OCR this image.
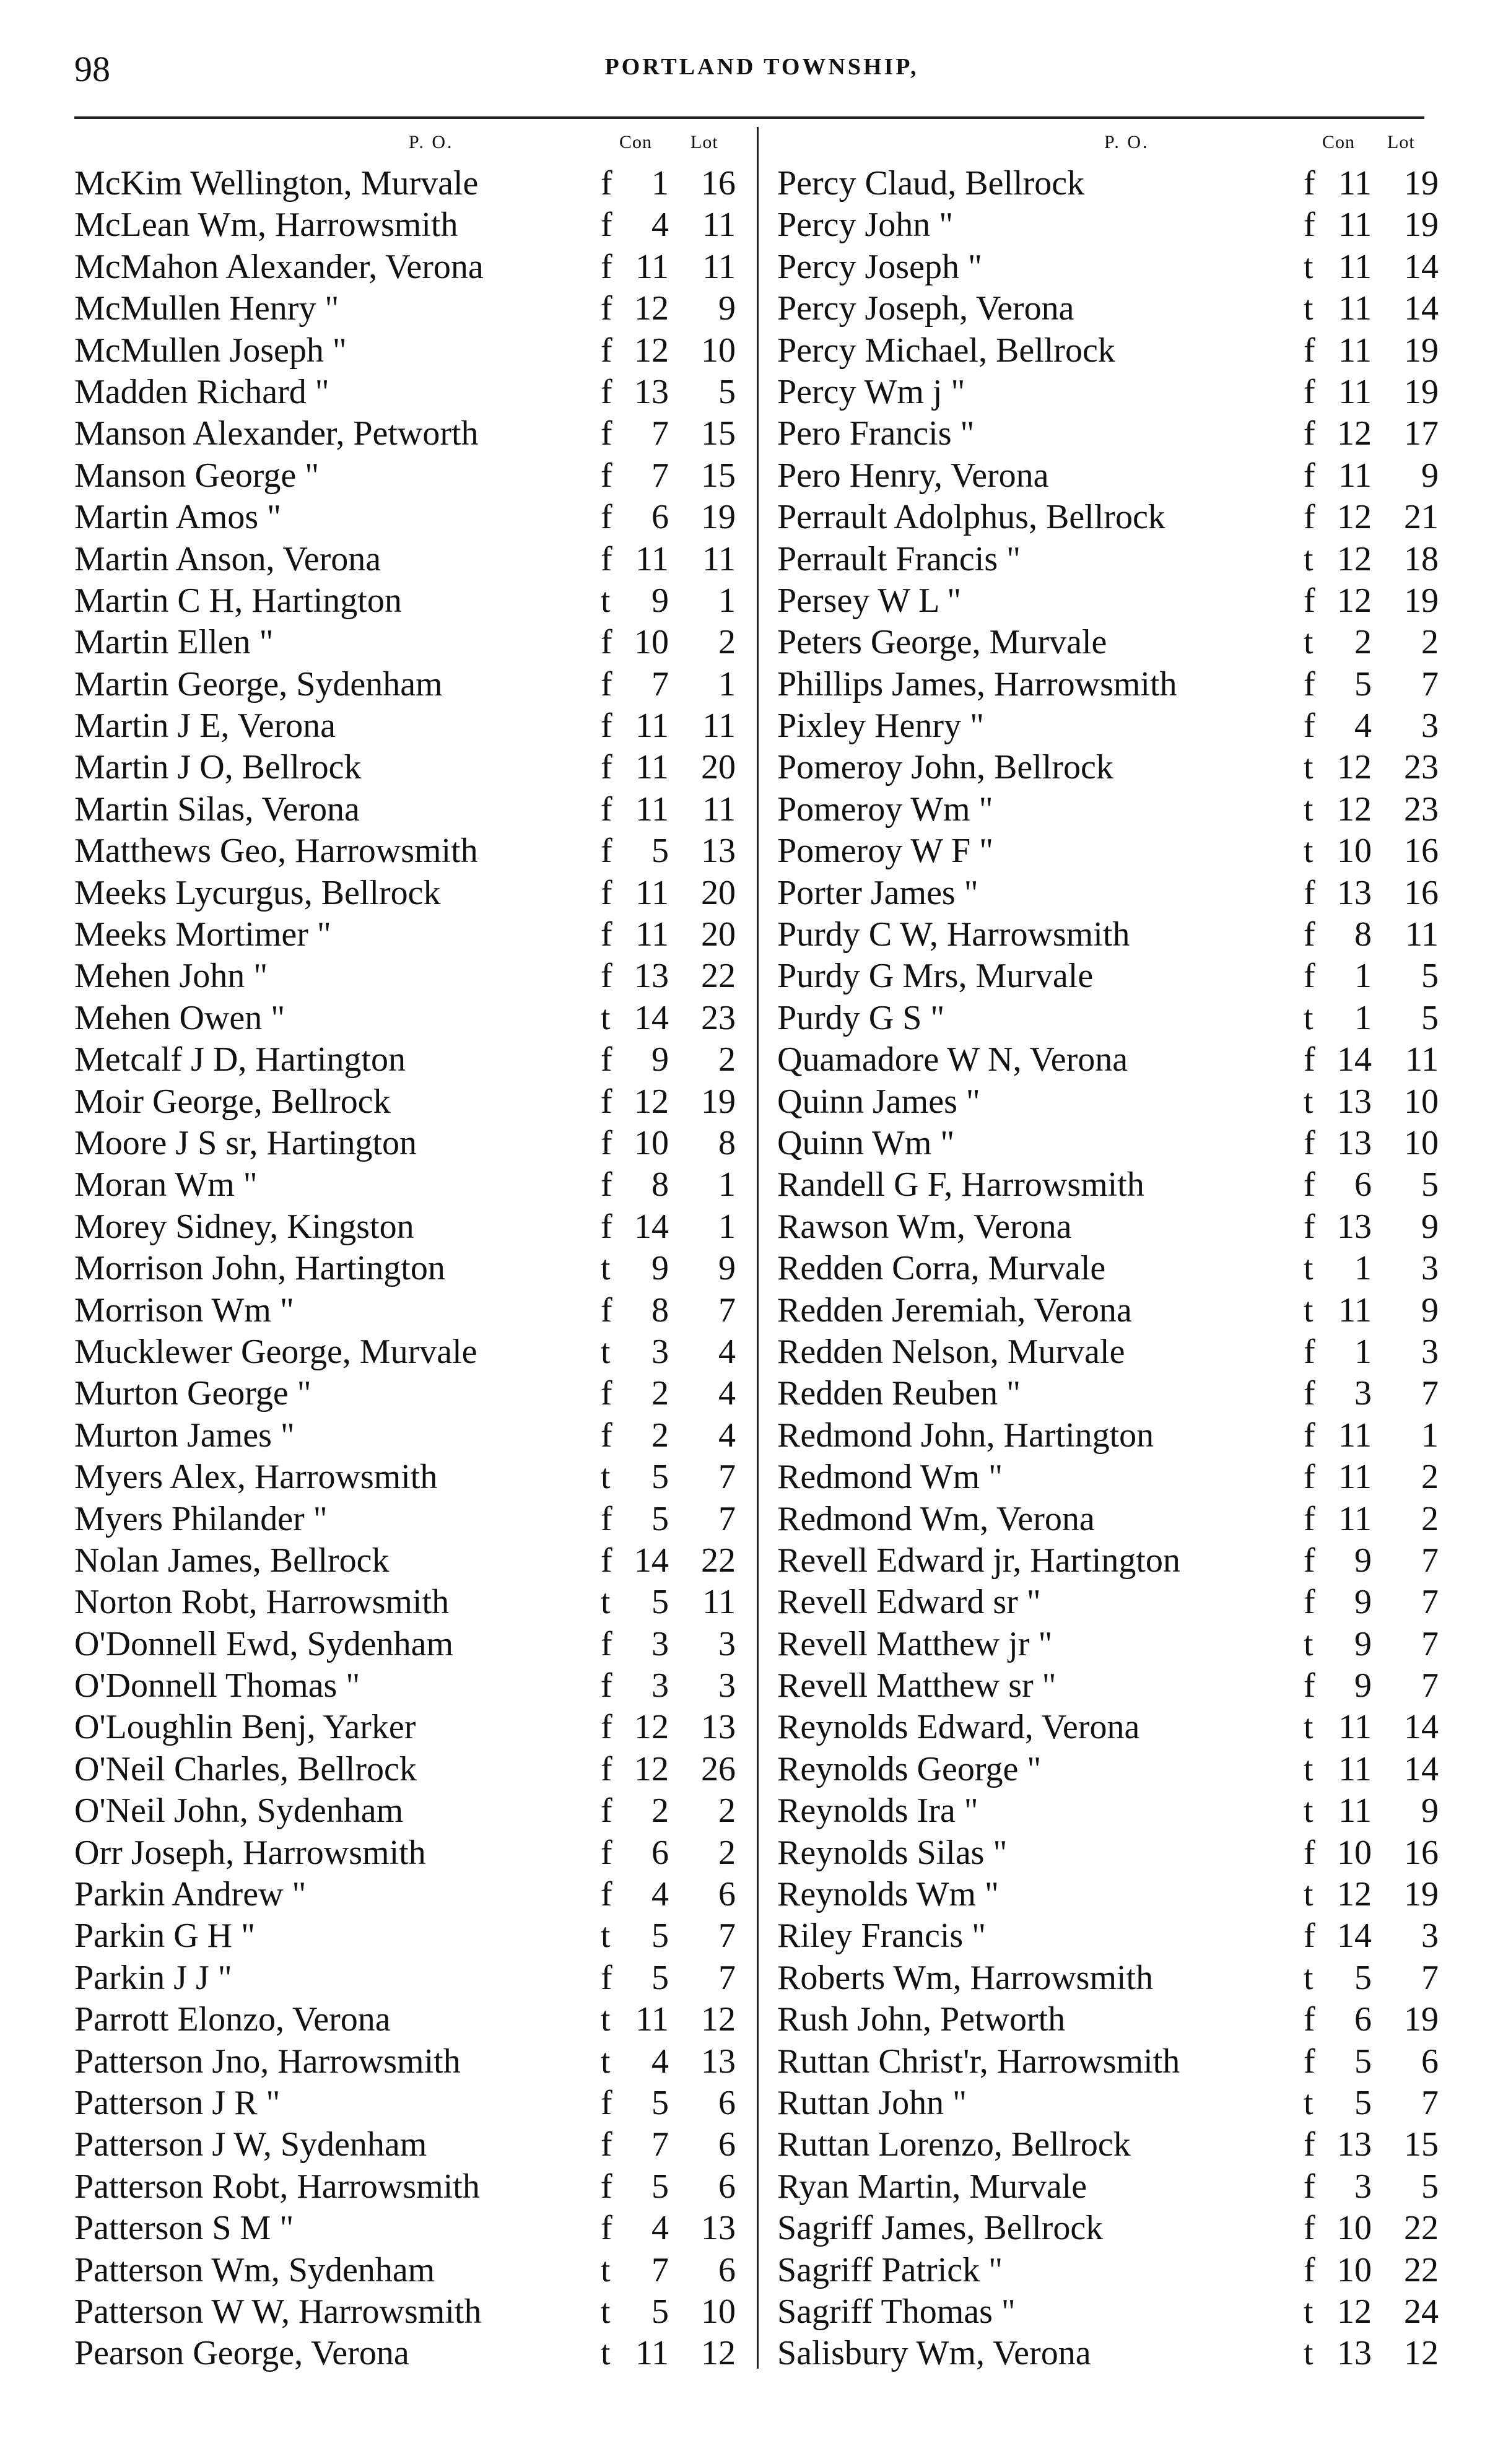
98	PORTLAND TOWNSHIP,
P. O.	Con Lot
McKim Wellington, Murvale	f	1 16
McLean Wm, Harrowsmith	f	4 11
McMahon Alexander, Verona	f 11 11
McMullen Henry "	f 12	9
McMullen Joseph "	f 12 10
Madden Richard "	f 13	5
Manson Alexander, Petworth	f	7 15
Manson George "	f	7 15
Martin Amos "	f	6 19
Martin Anson, Verona	f 11 11
Martin C H, Hartington	t	9	1
Martin Ellen "	f 10	2
Martin George, Sydenham	f	7	1
Martin J E, Verona	f 11 11
Martin J O, Bellrock	f 11 20
Martin Silas, Verona	f 11 11
Matthews Geo, Harrowsmith	f	5 13
Meeks Lycurgus, Bellrock	f 11 20
Meeks Mortimer "	f 11 20
Mehen John "	f 13 22
Mehen Owen "	t 14 23
Metcalf J D, Hartington	f	9	2
Moir George, Bellrock	f 12 19
Moore J S sr, Hartington	f 10	8
Moran Wm "	f	8	1
Morey Sidney, Kingston	f 14	1
Morrison John, Hartington	t	9	9
Morrison Wm "	f	8	7
Mucklewer George, Murvale	t	3	4
Murton George "	f	2	4
Murton James "	f	2	4
Myers Alex, Harrowsmith	t	5	7
Myers Philander "	f	5	7
Nolan James, Bellrock	f 14 22
Norton Robt, Harrowsmith	t	5 11
O'Donnell Ewd, Sydenham	f	3	3
O'Donnell Thomas "	f	3	3
O'Loughlin Benj, Yarker	f 12 13
O'Neil Charles, Bellrock	f 12 26
O'Neil John, Sydenham	f	2	2
Orr Joseph, Harrowsmith	f	6	2
Parkin Andrew "	f	4	6
Parkin G H "	t	5	7
Parkin J J "	f	5	7
Parrott Elonzo, Verona	t 11 12
Patterson Jno, Harrowsmith	t	4 13
Patterson J R "	f	5	6
Patterson J W, Sydenham	f	7	6
Patterson Robt, Harrowsmith	f	5	6
Patterson S M "	f	4 13
Patterson Wm, Sydenham	t	7	6
Patterson W W, Harrowsmith	t	5 10
Pearson George, Verona	t 11 12
P. O.	Con Lot
Percy Claud, Bellrock	f 11 19
Percy John "	f 11 19
Percy Joseph "	t 11 14
Percy Joseph, Verona	t 11 14
Percy Michael, Bellrock	f 11 19
Percy Wm j "	f 11 19
Pero Francis "	f 12 17
Pero Henry, Verona	f 11	9
Perrault Adolphus, Bellrock	f 12 21
Perrault Francis "	t 12 18
Persey W L "	f 12 19
Peters George, Murvale	t	2	2
Phillips James, Harrowsmith	f	5	7
Pixley Henry "	f	4	3
Pomeroy John, Bellrock	t 12 23
Pomeroy Wm "	t 12 23
Pomeroy W F "	t 10 16
Porter James "	f 13 16
Purdy C W, Harrowsmith	f	8 11
Purdy G Mrs, Murvale	f	1	5
Purdy G S "	t	1	5
Quamadore W N, Verona	f 14 11
Quinn James "	t 13 10
Quinn Wm "	f 13 10
Randell G F, Harrowsmith	f	6	5
Rawson Wm, Verona	f 13	9
Redden Corra, Murvale	t	1	3
Redden Jeremiah, Verona	t 11	9
Redden Nelson, Murvale	f	1	3
Redden Reuben "	f	3	7
Redmond John, Hartington	f 11	1
Redmond Wm "	f 11	2
Redmond Wm, Verona	f 11	2
Revell Edward jr, Hartington	f	9	7
Revell Edward sr "	f	9	7
Revell Matthew jr "	t	9	7
Revell Matthew sr "	f	9	7
Reynolds Edward, Verona	t 11 14
Reynolds George "	t 11 14
Reynolds Ira "	t 11	9
Reynolds Silas "	f 10 16
Reynolds Wm "	t 12 19
Riley Francis "	f 14	3
Roberts Wm, Harrowsmith	t	5	7
Rush John, Petworth	f	6 19
Ruttan Christ'r, Harrowsmith	f	5	6
Ruttan John "	t	5	7
Ruttan Lorenzo, Bellrock	f 13 15
Ryan Martin, Murvale	f	3	5
Sagriff James, Bellrock	f 10 22
Sagriff Patrick "	f 10 22
Sagriff Thomas "	t 12 24
Salisbury Wm, Verona	t 13 12
